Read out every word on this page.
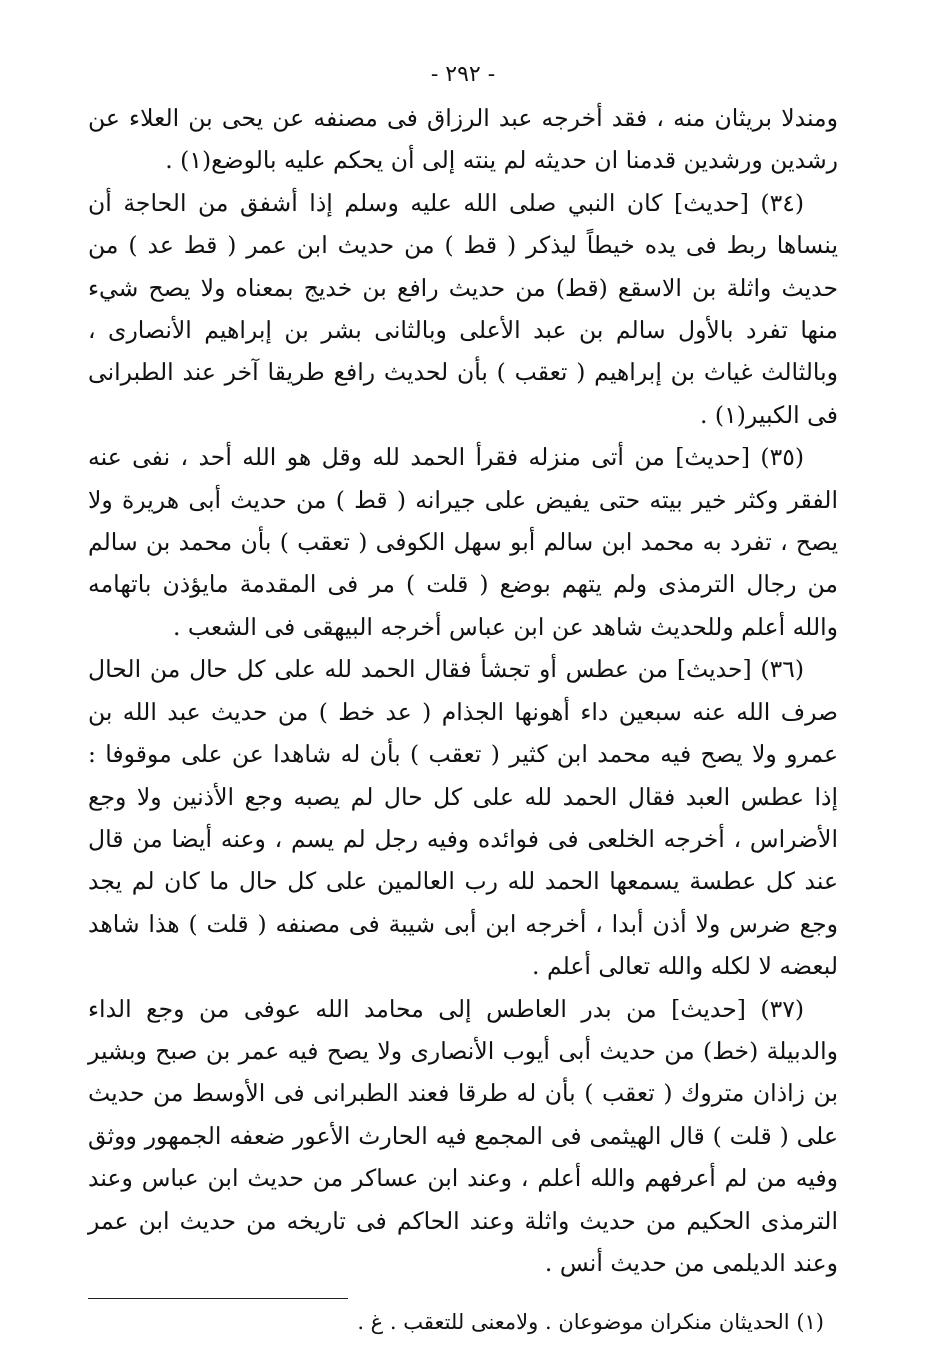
- ٢٩٢ -

ومندلا بريثان منه ، فقد أخرجه عبد الرزاق فى مصنفه عن يحى بن العلاء عن رشدين ورشدين قدمنا ان حديثه لم ينته إلى أن يحكم عليه بالوضع(١) .

(٣٤) [حديث] كان النبي صلى الله عليه وسلم إذا أشفق من الحاجة أن ينساها ربط فى يده خيطاً ليذكر ( قط ) من حديث ابن عمر ( قط عد ) من حديث واثلة بن الاسقع (قط) من حديث رافع بن خديج بمعناه ولا يصح شيء منها تفرد بالأول سالم بن عبد الأعلى وبالثانى بشر بن إبراهيم الأنصارى ، وبالثالث غياث بن إبراهيم ( تعقب ) بأن لحديث رافع طريقا آخر عند الطبرانى فى الكبير(١) .

(٣٥) [حديث] من أتى منزله فقرأ الحمد لله وقل هو الله أحد ، نفى عنه الفقر وكثر خير بيته حتى يفيض على جيرانه ( قط ) من حديث أبى هريرة ولا يصح ، تفرد به محمد ابن سالم أبو سهل الكوفى ( تعقب ) بأن محمد بن سالم من رجال الترمذى ولم يتهم بوضع ( قلت ) مر فى المقدمة مايؤذن باتهامه والله أعلم وللحديث شاهد عن ابن عباس أخرجه البيهقى فى الشعب .

(٣٦) [حديث] من عطس أو تجشأ فقال الحمد لله على كل حال من الحال صرف الله عنه سبعين داء أهونها الجذام ( عد خط ) من حديث عبد الله بن عمرو ولا يصح فيه محمد ابن كثير ( تعقب ) بأن له شاهدا عن على موقوفا : إذا عطس العبد فقال الحمد لله على كل حال لم يصبه وجع الأذنين ولا وجع الأضراس ، أخرجه الخلعى فى فوائده وفيه رجل لم يسم ، وعنه أيضا من قال عند كل عطسة يسمعها الحمد لله رب العالمين على كل حال ما كان لم يجد وجع ضرس ولا أذن أبدا ، أخرجه ابن أبى شيبة فى مصنفه ( قلت ) هذا شاهد لبعضه لا لكله والله تعالى أعلم .

(٣٧) [حديث] من بدر العاطس إلى محامد الله عوفى من وجع الداء والدبيلة (خط) من حديث أبى أيوب الأنصارى ولا يصح فيه عمر بن صبح وبشير بن زاذان متروك ( تعقب ) بأن له طرقا فعند الطبرانى فى الأوسط من حديث على ( قلت ) قال الهيثمى فى المجمع فيه الحارث الأعور ضعفه الجمهور ووثق وفيه من لم أعرفهم والله أعلم ، وعند ابن عساكر من حديث ابن عباس وعند الترمذى الحكيم من حديث واثلة وعند الحاكم فى تاريخه من حديث ابن عمر وعند الديلمى من حديث أنس .

(١) الحديثان منكران موضوعان . ولامعنى للتعقب . غ .
